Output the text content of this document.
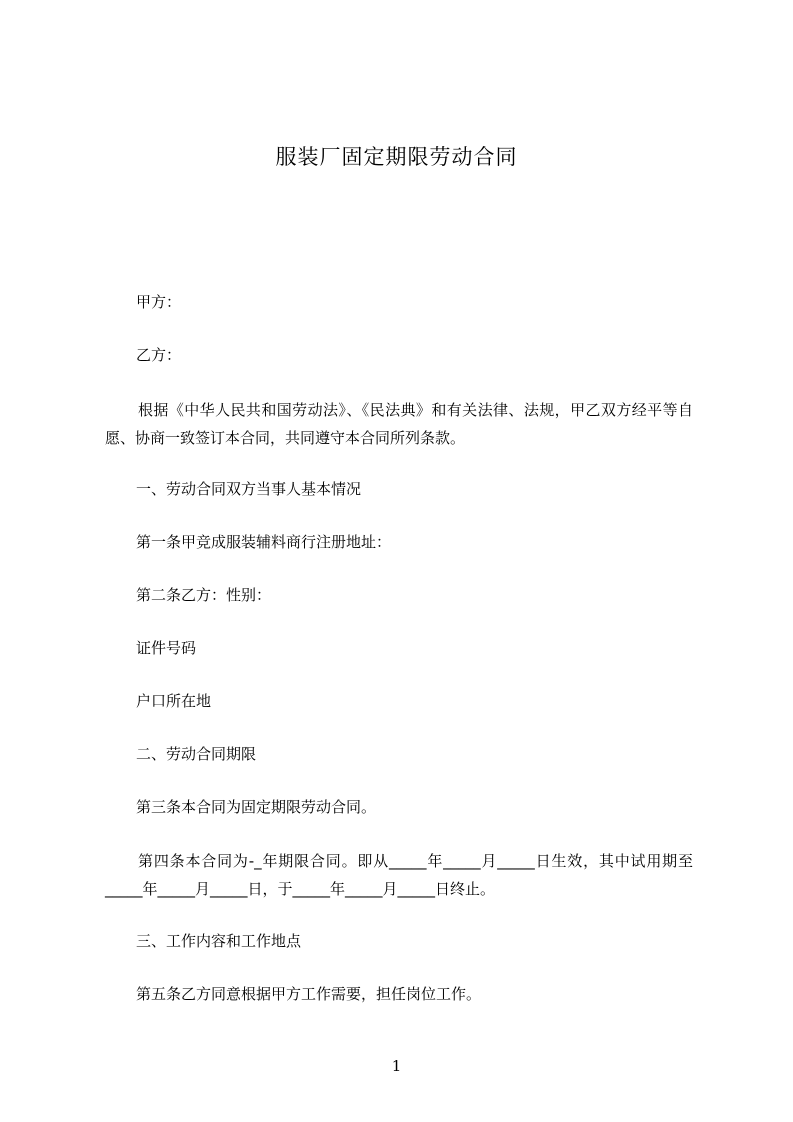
服装厂固定期限劳动合同
甲方：
乙方：
根据《中华人民共和国劳动法》、《民法典》和有关法律、法规，甲乙双方经平等自愿、协商一致签订本合同，共同遵守本合同所列条款。
一、劳动合同双方当事人基本情况
第一条甲竞成服装辅料商行注册地址：
第二条乙方：性别：
证件号码
户口所在地
二、劳动合同期限
第三条本合同为固定期限劳动合同。
第四条本合同为-_年期限合同。即从_____年_____月_____日生效，其中试用期至_____年_____月_____日，于_____年_____月_____日终止。
三、工作内容和工作地点
第五条乙方同意根据甲方工作需要，担任岗位工作。
1
